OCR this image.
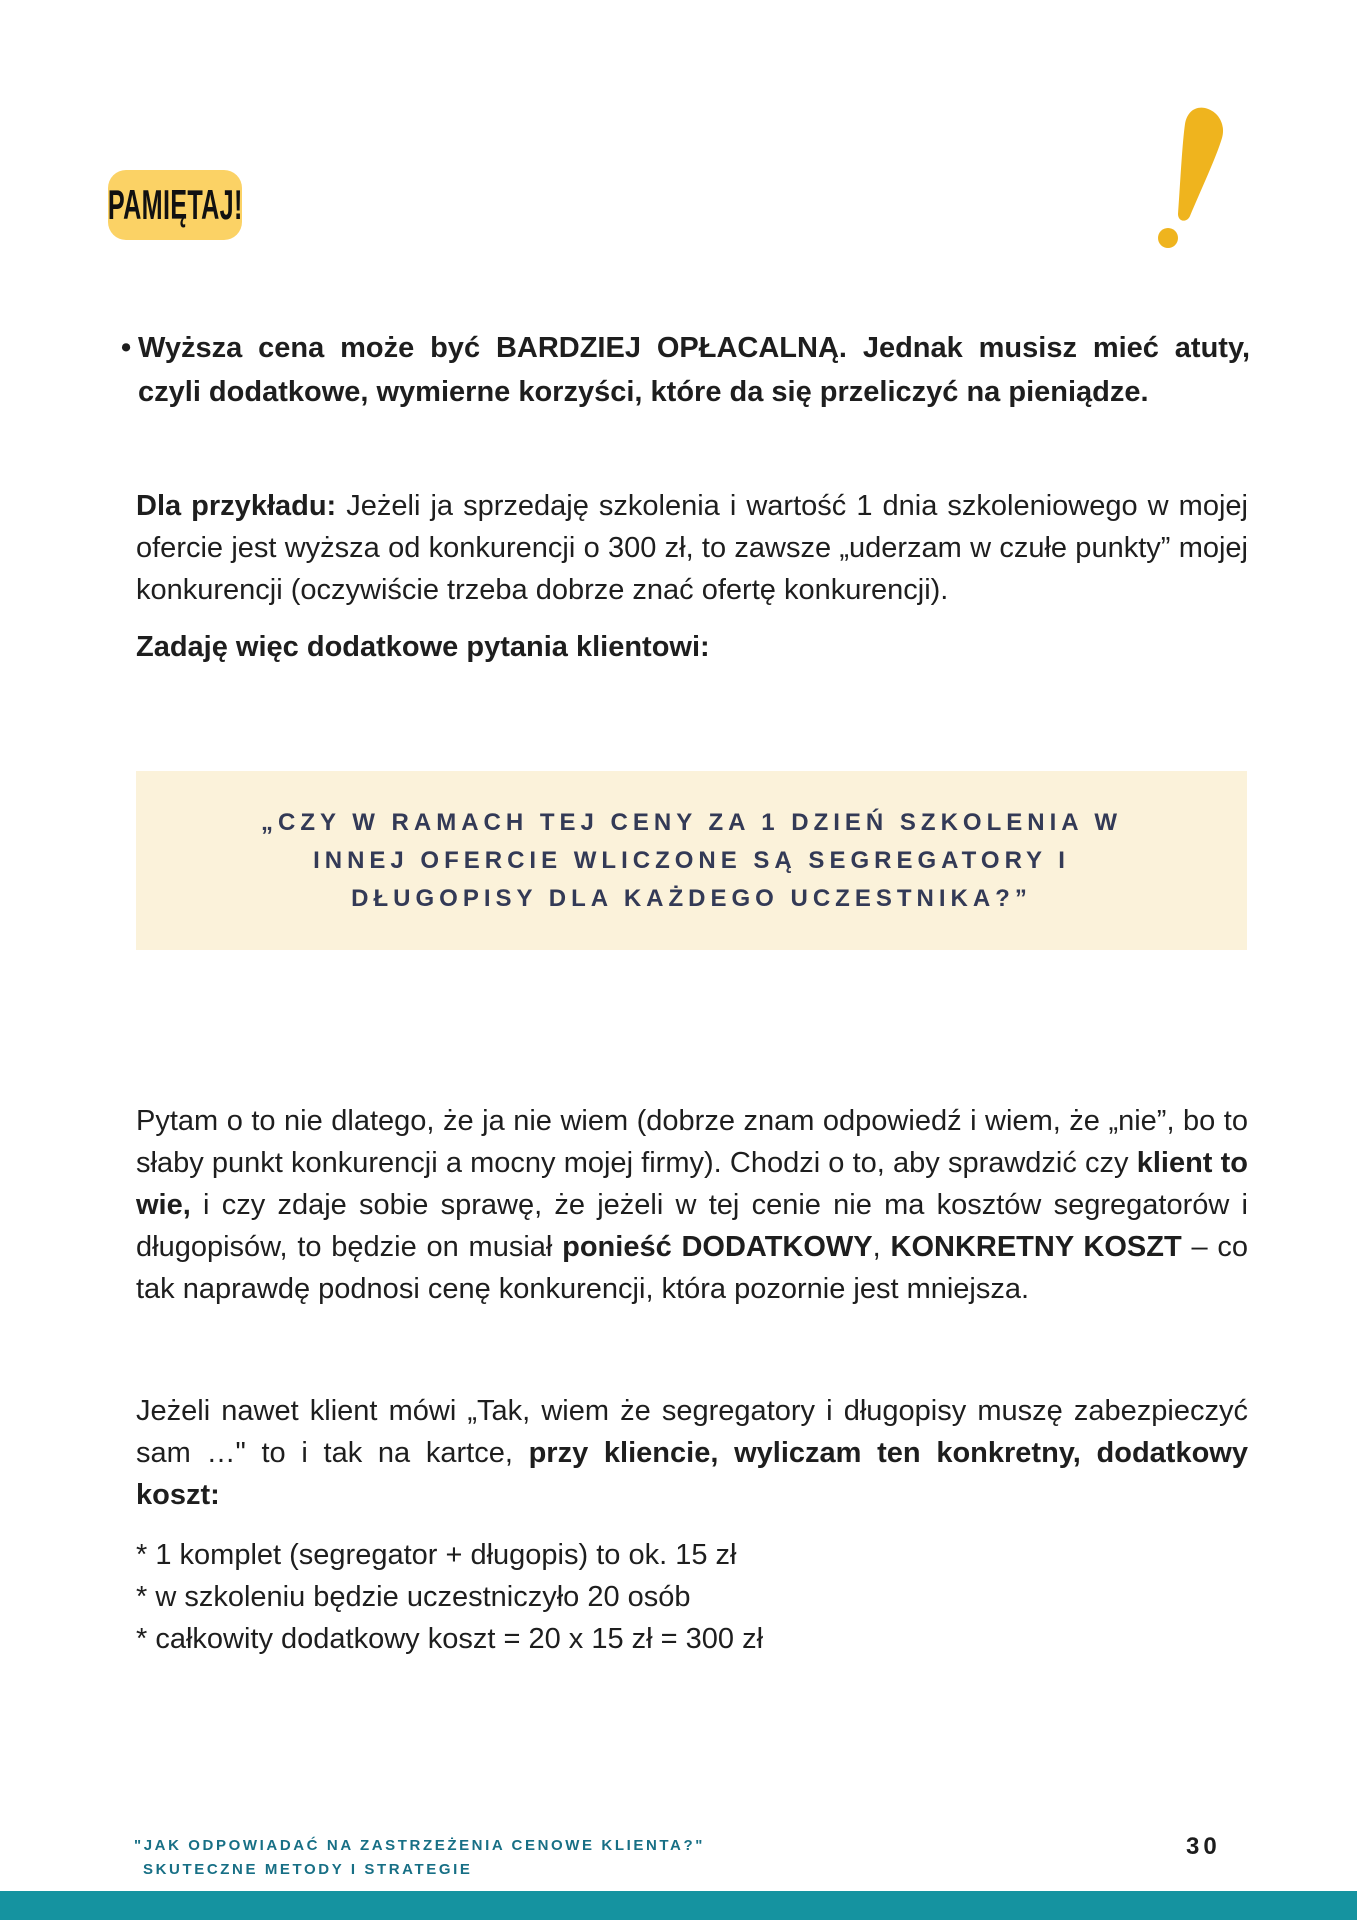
PAMIĘTAJ!
• Wyższa cena może być BARDZIEJ OPŁACALNĄ. Jednak musisz mieć atuty, czyli dodatkowe, wymierne korzyści, które da się przeliczyć na pieniądze.

Dla przykładu: Jeżeli ja sprzedaję szkolenia i wartość 1 dnia szkoleniowego w mojej ofercie jest wyższa od konkurencji o 300 zł, to zawsze „uderzam w czułe punkty” mojej konkurencji (oczywiście trzeba dobrze znać ofertę konkurencji).

Zadaję więc dodatkowe pytania klientowi:
„CZY W RAMACH TEJ CENY ZA 1 DZIEŃ SZKOLENIA W
INNEJ OFERCIE WLICZONE SĄ SEGREGATORY I
DŁUGOPISY DLA KAŻDEGO UCZESTNIKA?”

Pytam o to nie dlatego, że ja nie wiem (dobrze znam odpowiedź i wiem, że „nie”, bo to słaby punkt konkurencji a mocny mojej firmy). Chodzi o to, aby sprawdzić czy klient to wie, i czy zdaje sobie sprawę, że jeżeli w tej cenie nie ma kosztów segregatorów i długopisów, to będzie on musiał ponieść DODATKOWY, KONKRETNY KOSZT – co tak naprawdę podnosi cenę konkurencji, która pozornie jest mniejsza.

Jeżeli nawet klient mówi „Tak, wiem że segregatory i długopisy muszę zabezpieczyć sam …" to i tak na kartce, przy kliencie, wyliczam ten konkretny, dodatkowy koszt:

* 1 komplet (segregator + długopis) to ok. 15 zł
* w szkoleniu będzie uczestniczyło 20 osób
* całkowity dodatkowy koszt = 20 x 15 zł = 300 zł
"JAK ODPOWIADAĆ NA ZASTRZEŻENIA CENOWE KLIENTA?"
SKUTECZNE METODY I STRATEGIE
30
